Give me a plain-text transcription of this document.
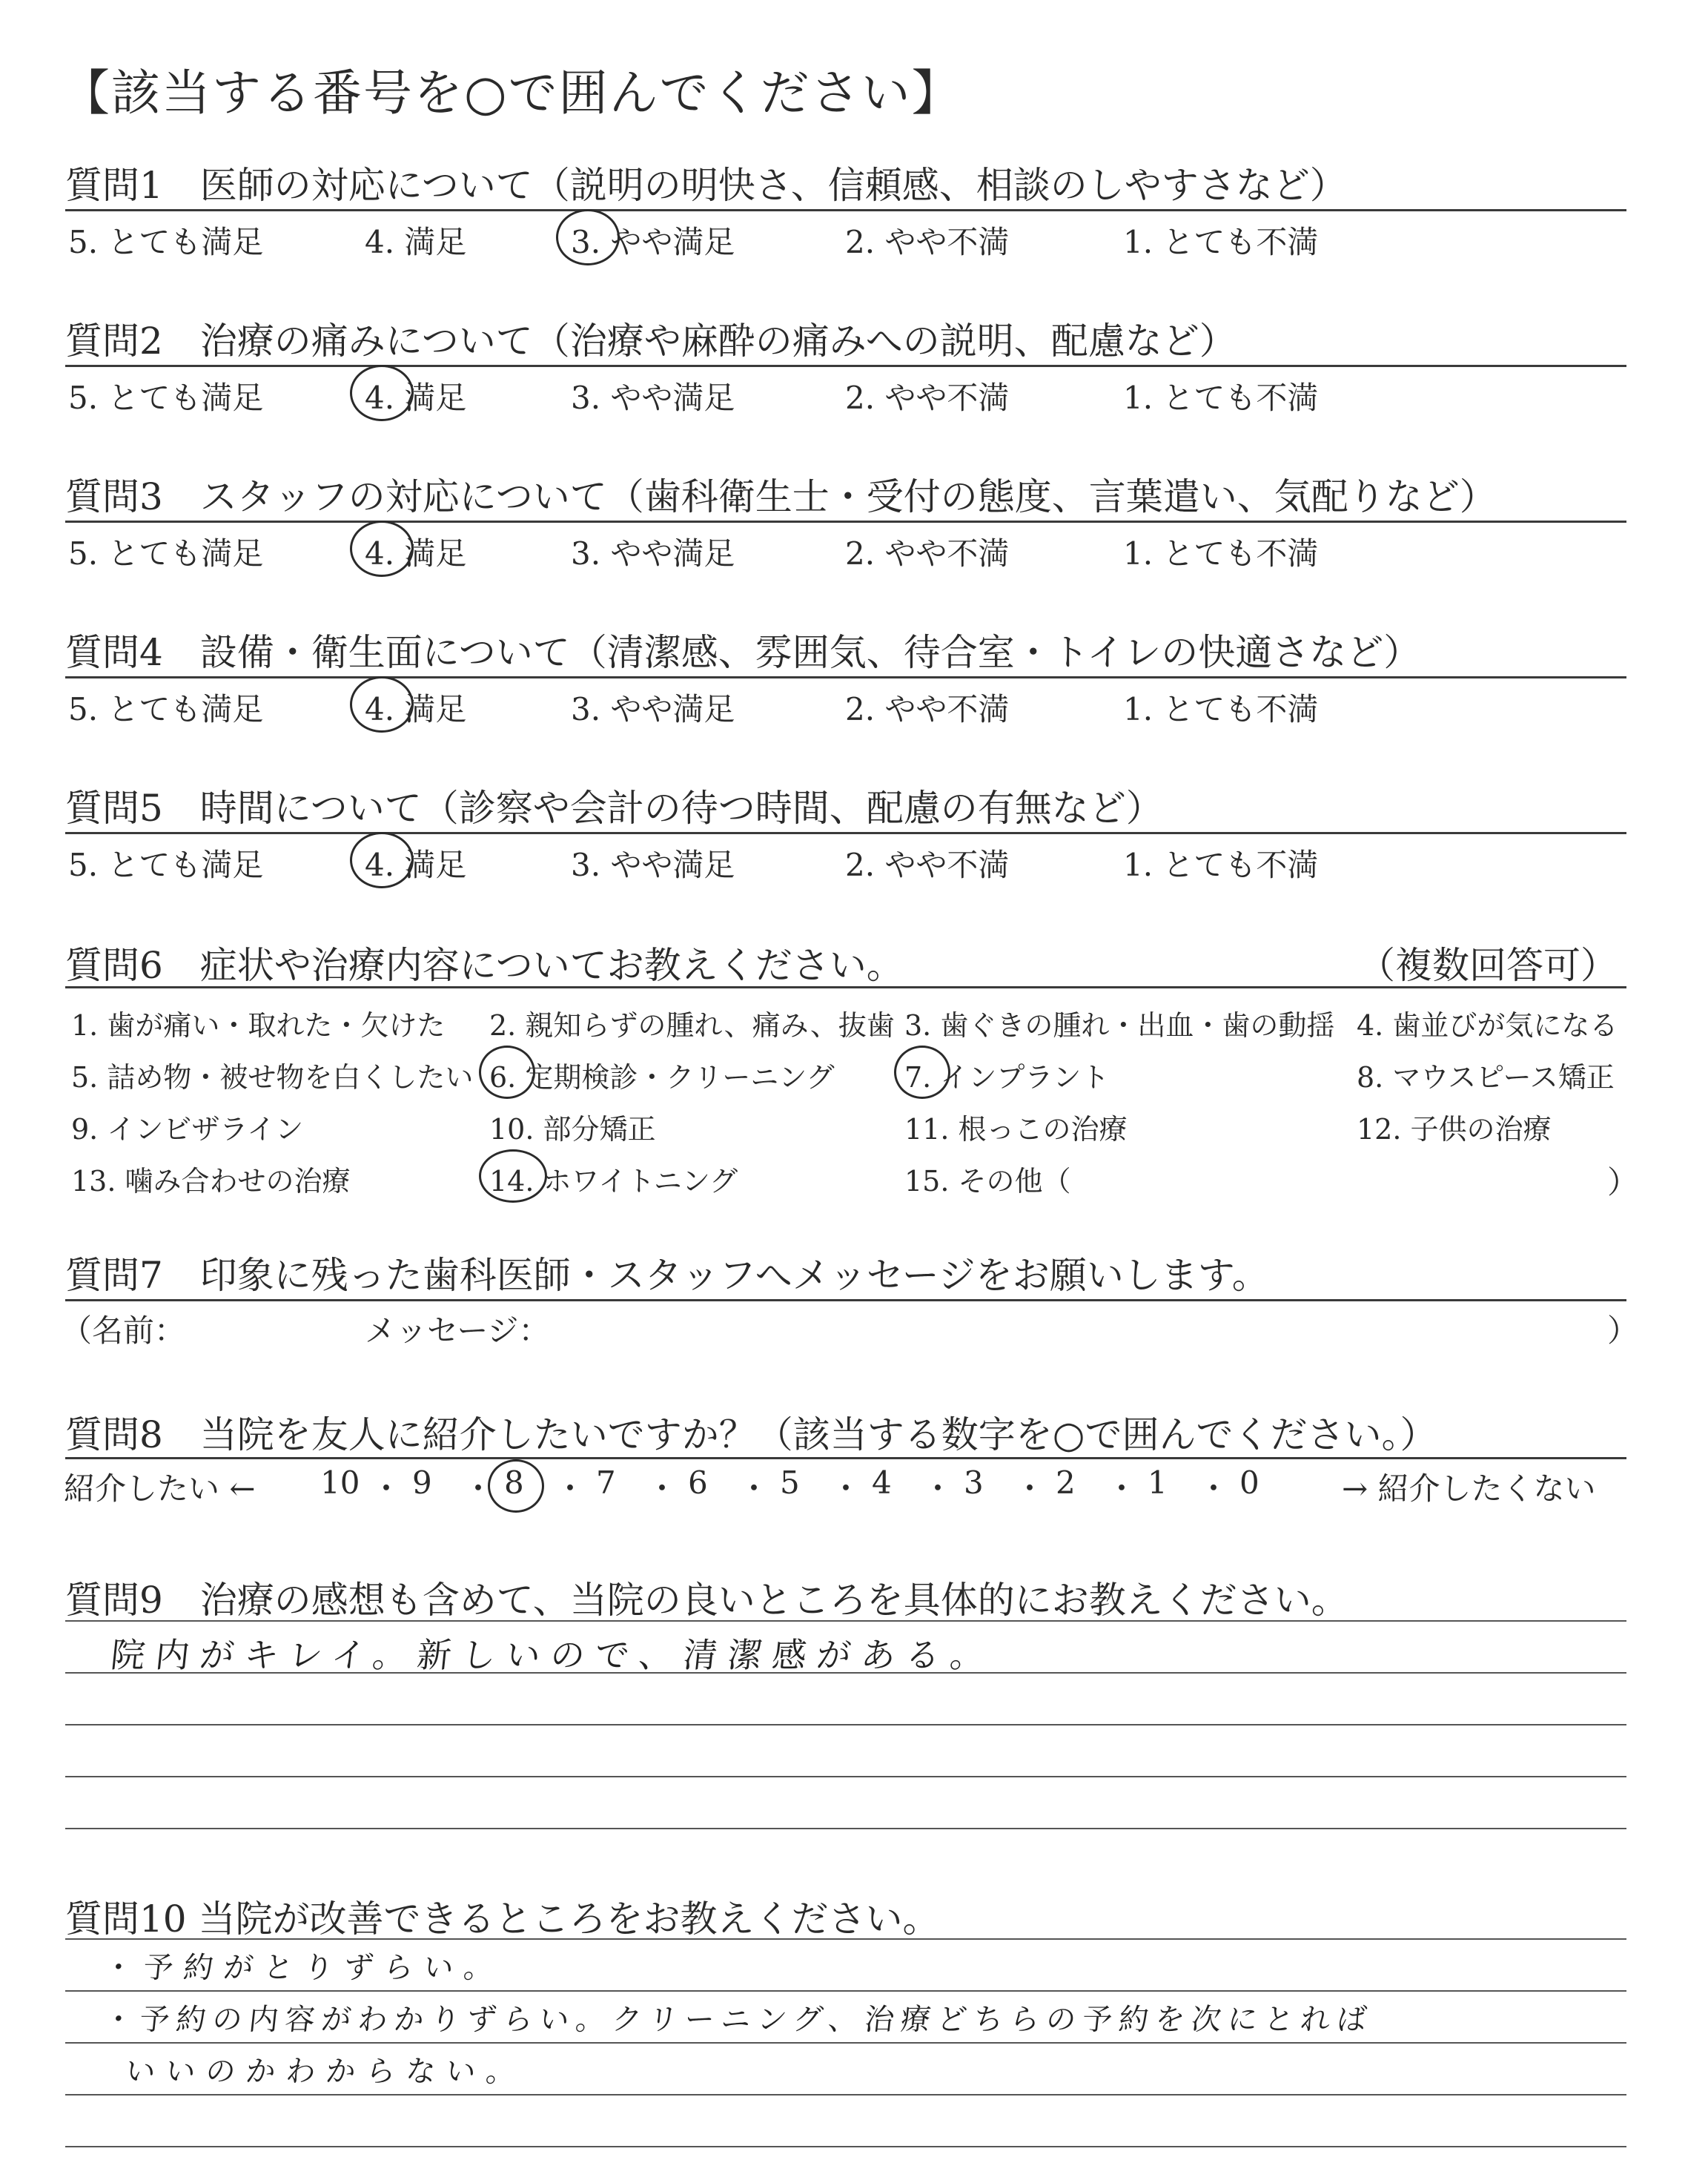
【該当する番号を○で囲んでください】
質問1　医師の対応について（説明の明快さ、信頼感、相談のしやすさなど）
5. とても満足	4. 満足	3. やや満足	2. やや不満	1. とても不満
質問2　治療の痛みについて（治療や麻酔の痛みへの説明、配慮など）
5. とても満足	4. 満足	3. やや満足	2. やや不満	1. とても不満
質問3　スタッフの対応について（歯科衛生士・受付の態度、言葉遣い、気配りなど）
5. とても満足	4. 満足	3. やや満足	2. やや不満	1. とても不満
質問4　設備・衛生面について（清潔感、雰囲気、待合室・トイレの快適さなど）
5. とても満足	4. 満足	3. やや満足	2. やや不満	1. とても不満
質問5　時間について（診察や会計の待つ時間、配慮の有無など）
5. とても満足	4. 満足	3. やや満足	2. やや不満	1. とても不満
質問6　症状や治療内容についてお教えください。	（複数回答可）
1. 歯が痛い・取れた・欠けた 2. 親知らずの腫れ、痛み、抜歯 3. 歯ぐきの腫れ・出血・歯の動揺 4. 歯並びが気になる
5. 詰め物・被せ物を白くしたい 6. 定期検診・クリーニング 7. インプラント	8. マウスピース矯正
9. インビザライン	10. 部分矯正	11. 根っこの治療	12. 子供の治療
13. 噛み合わせの治療	14. ホワイトニング	15. その他（	）
質問7　印象に残った歯科医師・スタッフへメッセージをお願いします。
（名前：	メッセージ：	）
質問8　当院を友人に紹介したいですか？（該当する数字を○で囲んでください。）
紹介したい ← 10 ・ 9 ・ 8 ・ 7 ・ 6 ・ 5 ・ 4 ・ 3 ・ 2 ・ 1 ・ 0	→ 紹介したくない
質問9　治療の感想も含めて、当院の良いところを具体的にお教えください。
院内がキレイ。新しいので、清潔感がある。
質問10 当院が改善できるところをお教えください。
・予約がとりずらい。
・予約の内容がわかりずらい。クリーニング、治療どちらの予約を次にとれば
いいのかわからない。
